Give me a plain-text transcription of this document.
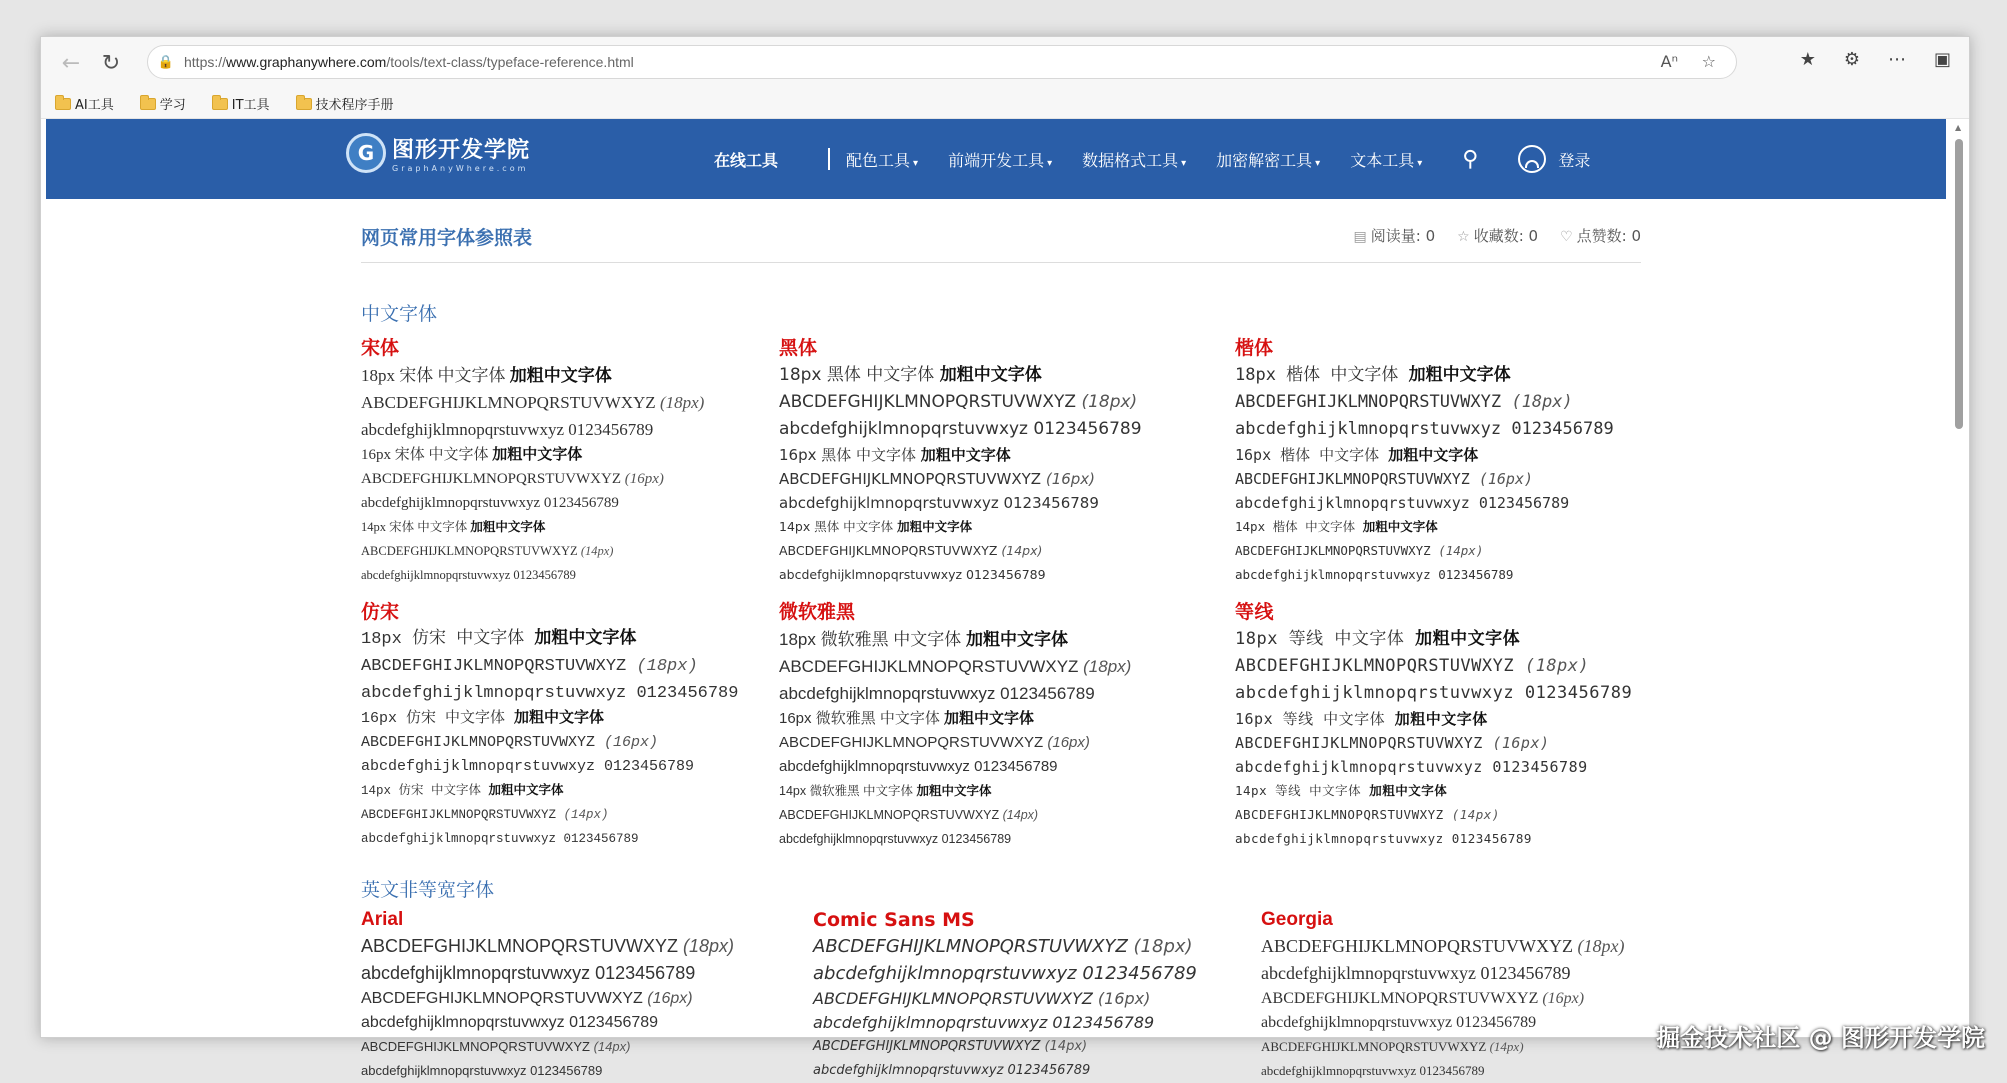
← ↻	🔒 https://www.graphanywhere.com/tools/text-class/typeface-reference.html	Aⁿ ☆	★ ⚙ ⋯ ▣
AI工具	学习	IT工具	技术程序手册
G 图形开发学院
GraphAnyWhere.com	在线工具	配色工具 ▾ 前端开发工具 ▾ 数据格式工具 ▾ 加密解密工具 ▾ 文本工具 ▾ ⚲	登录
网页常用字体参照表	▤ 阅读量: 0 ☆ 收藏数: 0 ♡ 点赞数: 0
中文字体
宋体
18px 宋体 中文字体 加粗中文字体
ABCDEFGHIJKLMNOPQRSTUVWXYZ (18px)
abcdefghijklmnopqrstuvwxyz 0123456789
16px 宋体 中文字体 加粗中文字体
ABCDEFGHIJKLMNOPQRSTUVWXYZ (16px)
abcdefghijklmnopqrstuvwxyz 0123456789
14px 宋体 中文字体 加粗中文字体
ABCDEFGHIJKLMNOPQRSTUVWXYZ (14px)
abcdefghijklmnopqrstuvwxyz 0123456789
黑体
18px 黑体 中文字体 加粗中文字体
ABCDEFGHIJKLMNOPQRSTUVWXYZ (18px)
abcdefghijklmnopqrstuvwxyz 0123456789
16px 黑体 中文字体 加粗中文字体
ABCDEFGHIJKLMNOPQRSTUVWXYZ (16px)
abcdefghijklmnopqrstuvwxyz 0123456789
14px 黑体 中文字体 加粗中文字体
ABCDEFGHIJKLMNOPQRSTUVWXYZ (14px)
abcdefghijklmnopqrstuvwxyz 0123456789
楷体
18px 楷体 中文字体 加粗中文字体
ABCDEFGHIJKLMNOPQRSTUVWXYZ (18px)
abcdefghijklmnopqrstuvwxyz 0123456789
16px 楷体 中文字体 加粗中文字体
ABCDEFGHIJKLMNOPQRSTUVWXYZ (16px)
abcdefghijklmnopqrstuvwxyz 0123456789
14px 楷体 中文字体 加粗中文字体
ABCDEFGHIJKLMNOPQRSTUVWXYZ (14px)
abcdefghijklmnopqrstuvwxyz 0123456789
仿宋
18px 仿宋 中文字体 加粗中文字体
ABCDEFGHIJKLMNOPQRSTUVWXYZ (18px)
abcdefghijklmnopqrstuvwxyz 0123456789
16px 仿宋 中文字体 加粗中文字体
ABCDEFGHIJKLMNOPQRSTUVWXYZ (16px)
abcdefghijklmnopqrstuvwxyz 0123456789
14px 仿宋 中文字体 加粗中文字体
ABCDEFGHIJKLMNOPQRSTUVWXYZ (14px)
abcdefghijklmnopqrstuvwxyz 0123456789
微软雅黑
18px 微软雅黑 中文字体 加粗中文字体
ABCDEFGHIJKLMNOPQRSTUVWXYZ (18px)
abcdefghijklmnopqrstuvwxyz 0123456789
16px 微软雅黑 中文字体 加粗中文字体
ABCDEFGHIJKLMNOPQRSTUVWXYZ (16px)
abcdefghijklmnopqrstuvwxyz 0123456789
14px 微软雅黑 中文字体 加粗中文字体
ABCDEFGHIJKLMNOPQRSTUVWXYZ (14px)
abcdefghijklmnopqrstuvwxyz 0123456789
等线
18px 等线 中文字体 加粗中文字体
ABCDEFGHIJKLMNOPQRSTUVWXYZ (18px)
abcdefghijklmnopqrstuvwxyz 0123456789
16px 等线 中文字体 加粗中文字体
ABCDEFGHIJKLMNOPQRSTUVWXYZ (16px)
abcdefghijklmnopqrstuvwxyz 0123456789
14px 等线 中文字体 加粗中文字体
ABCDEFGHIJKLMNOPQRSTUVWXYZ (14px)
abcdefghijklmnopqrstuvwxyz 0123456789
英文非等宽字体
Arial
ABCDEFGHIJKLMNOPQRSTUVWXYZ (18px)
abcdefghijklmnopqrstuvwxyz 0123456789
ABCDEFGHIJKLMNOPQRSTUVWXYZ (16px)
abcdefghijklmnopqrstuvwxyz 0123456789
ABCDEFGHIJKLMNOPQRSTUVWXYZ (14px)
abcdefghijklmnopqrstuvwxyz 0123456789
Comic Sans MS
ABCDEFGHIJKLMNOPQRSTUVWXYZ (18px)
abcdefghijklmnopqrstuvwxyz 0123456789
ABCDEFGHIJKLMNOPQRSTUVWXYZ (16px)
abcdefghijklmnopqrstuvwxyz 0123456789
ABCDEFGHIJKLMNOPQRSTUVWXYZ (14px)
abcdefghijklmnopqrstuvwxyz 0123456789
Georgia
ABCDEFGHIJKLMNOPQRSTUVWXYZ (18px)
abcdefghijklmnopqrstuvwxyz 0123456789
ABCDEFGHIJKLMNOPQRSTUVWXYZ (16px)
abcdefghijklmnopqrstuvwxyz 0123456789
ABCDEFGHIJKLMNOPQRSTUVWXYZ (14px)
abcdefghijklmnopqrstuvwxyz 0123456789
▲
掘金技术社区 @ 图形开发学院
